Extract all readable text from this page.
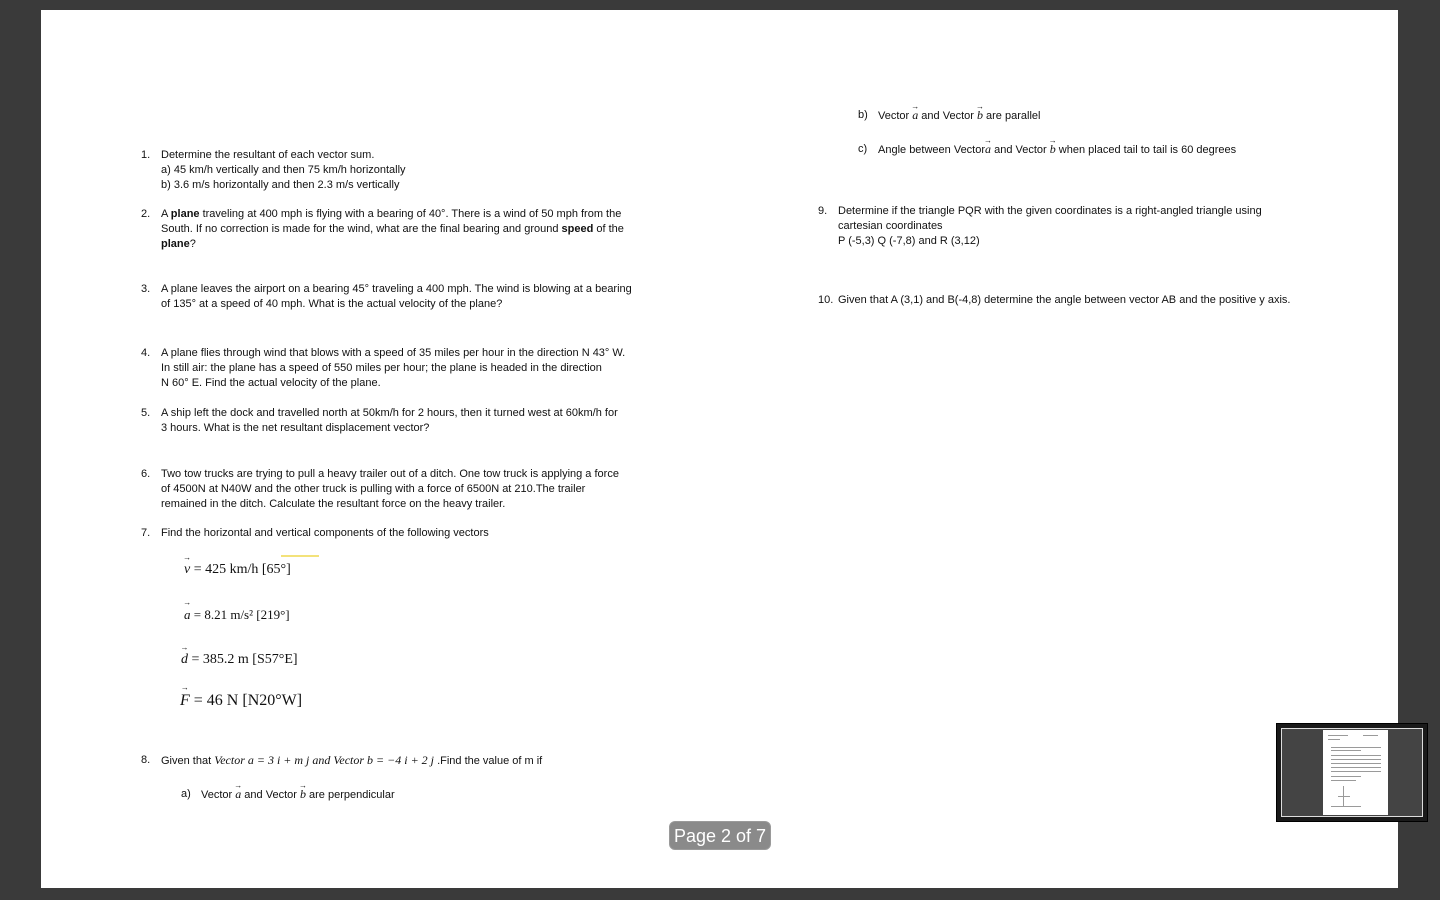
1. Determine the resultant of each vector sum.

a) 45 km/h vertically and then 75 km/h horizontally

b) 3.6 m/s horizontally and then 2.3 m/s vertically

2. A plane traveling at 400 mph is flying with a bearing of 40°. There is a wind of 50 mph from the

South. If no correction is made for the wind, what are the final bearing and ground speed of the

plane?

3. A plane leaves the airport on a bearing 45° traveling a 400 mph. The wind is blowing at a bearing

of 135° at a speed of 40 mph. What is the actual velocity of the plane?

4. A plane flies through wind that blows with a speed of 35 miles per hour in the direction N 43° W.

In still air: the plane has a speed of 550 miles per hour; the plane is headed in the direction

N 60° E. Find the actual velocity of the plane.

5. A ship left the dock and travelled north at 50km/h for 2 hours, then it turned west at 60km/h for

3 hours. What is the net resultant displacement vector?

6. Two tow trucks are trying to pull a heavy trailer out of a ditch. One tow truck is applying a force

of 4500N at N40W and the other truck is pulling with a force of 6500N at 210.The trailer

remained in the ditch. Calculate the resultant force on the heavy trailer.

7. Find the horizontal and vertical components of the following vectors

→ v = 425 km/h [65°]
→ a = 8.21 m/s² [219°]
→ d = 385.2 m [S57°E]
→ F = 46 N [N20°W]
8. Given that Vector a = 3 i + m j and Vector b = −4 i + 2 j .Find the value of m if

a) Vector → a and Vector → b are perpendicular

b) Vector → a and Vector → b are parallel

c) Angle between Vector→ a and Vector → b when placed tail to tail is 60 degrees

9. Determine if the triangle PQR with the given coordinates is a right-angled triangle using

cartesian coordinates

P (-5,3) Q (-7,8) and R (3,12)

10. Given that A (3,1) and B(-4,8) determine the angle between vector AB and the positive y axis.

Page 2 of 7
